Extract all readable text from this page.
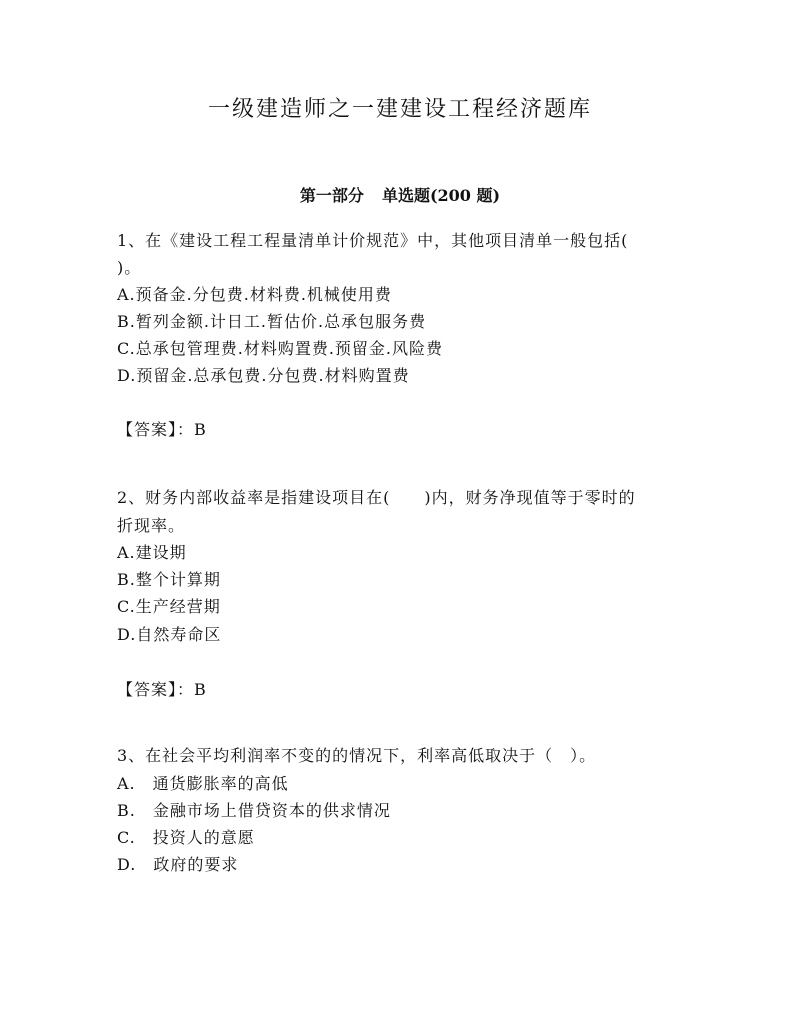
一级建造师之一建建设工程经济题库
第一部分 单选题(200 题)
1、在《建设工程工程量清单计价规范》中，其他项目清单一般包括(
)。
A.预备金.分包费.材料费.机械使用费
B.暂列金额.计日工.暂估价.总承包服务费
C.总承包管理费.材料购置费.预留金.风险费
D.预留金.总承包费.分包费.材料购置费
【答案】：B
2、财务内部收益率是指建设项目在(　　)内，财务净现值等于零时的
折现率。
A.建设期
B.整个计算期
C.生产经营期
D.自然寿命区
【答案】：B
3、在社会平均利润率不变的的情况下，利率高低取决于（　）。
A.　通货膨胀率的高低
B.　金融市场上借贷资本的供求情况
C.　投资人的意愿
D.　政府的要求
